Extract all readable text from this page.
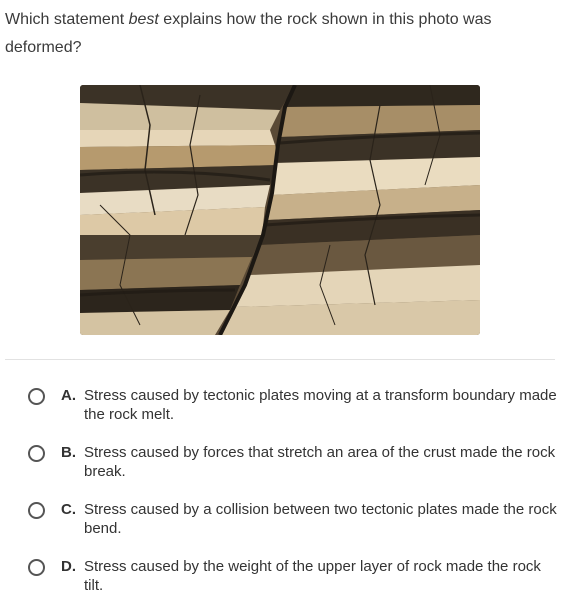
Which statement best explains how the rock shown in this photo was deformed?
A. Stress caused by tectonic plates moving at a transform boundary made the rock melt.
B. Stress caused by forces that stretch an area of the crust made the rock break.
C. Stress caused by a collision between two tectonic plates made the rock bend.
D. Stress caused by the weight of the upper layer of rock made the rock tilt.
